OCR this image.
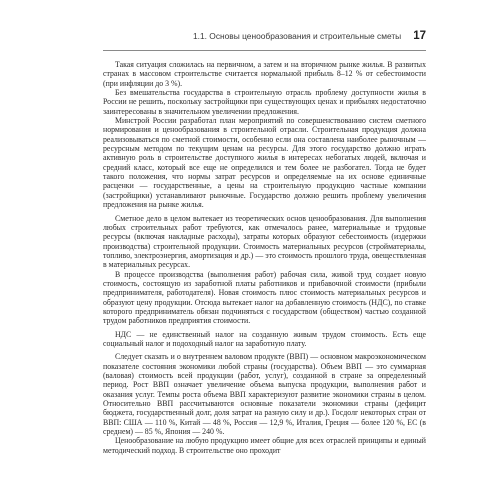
1.1. Основы ценообразования и строительные сметы 17

Такая ситуация сложилась на первичном, а затем и на вторичном рынке жилья. В развитых странах в массовом строительстве считается нормальной прибыль 8–12 % от себестоимости (при инфляции до 3 %).

Без вмешательства государства в строительную отрасль проблему доступности жилья в России не решить, поскольку застройщики при существующих ценах и прибылях недостаточно заинтересованы в значительном увеличении предложения.

Минстрой России разработал план мероприятий по совершенствованию систем сметного нормирования и ценообразования в строительной отрасли. Строительная продукция должна реализовываться по сметной стоимости, особенно если она составлена наиболее рыночным — ресурсным методом по текущим ценам на ресурсы. Для этого государство должно играть активную роль в строительстве доступного жилья в интересах небогатых людей, включая и средний класс, который все еще не определился и тем более не разбогател. Тогда не будет такого положения, что нормы затрат ресурсов и определяемые на их основе единичные расценки — государственные, а цены на строительную продукцию частные компании (застройщики) устанавливают рыночные. Государство должно решить проблему увеличения предложения на рынке жилья.

Сметное дело в целом вытекает из теоретических основ ценообразования. Для выполнения любых строительных работ требуются, как отмечалось ранее, материальные и трудовые ресурсы (включая накладные расходы), затраты которых образуют себестоимость (издержки производства) строительной продукции. Стоимость материальных ресурсов (стройматериалы, топливо, электроэнергия, амортизация и др.) — это стоимость прошлого труда, овеществленная в материальных ресурсах.

В процессе производства (выполнения работ) рабочая сила, живой труд создает новую стоимость, состоящую из заработной платы работников и прибавочной стоимости (прибыли предпринимателя, работодателя). Новая стоимость плюс стоимость материальных ресурсов и образуют цену продукции. Отсюда вытекает налог на добавленную стоимость (НДС), по ставке которого предприниматель обязан подчиняться с государством (обществом) частью созданной трудом работников предприятия стоимости.

НДС — не единственный налог на созданную живым трудом стоимость. Есть еще социальный налог и подоходный налог на заработную плату.

Следует сказать и о внутреннем валовом продукте (ВВП) — основном макроэкономическом показателе состояния экономики любой страны (государства). Объем ВВП — это суммарная (валовая) стоимость всей продукции (работ, услуг), созданной в стране за определенный период. Рост ВВП означает увеличение объема выпуска продукции, выполнения работ и оказания услуг. Темпы роста объема ВВП характеризуют развитие экономики страны в целом. Относительно ВВП рассчитываются основные показатели экономики страны (дефицит бюджета, государственный долг, доля затрат на разную силу и др.). Госдолг некоторых стран от ВВП: США — 110 %, Китай — 48 %, Россия — 12,9 %, Италия, Греция — более 120 %, ЕС (в среднем) — 85 %, Япония — 240 %.

Ценообразование на любую продукцию имеет общие для всех отраслей принципы и единый методический подход. В строительстве оно проходит
